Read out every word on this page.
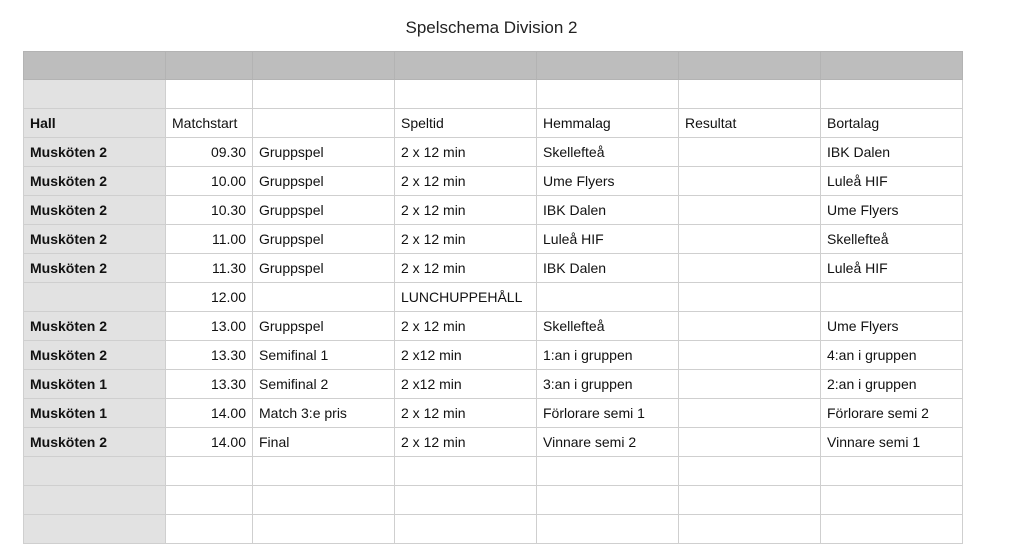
Spelschema Division 2

Hall	Matchstart		Speltid	Hemmalag	Resultat	Bortalag
Musköten 2	09.30	Gruppspel	2 x 12 min	Skellefteå		IBK Dalen
Musköten 2	10.00	Gruppspel	2 x 12 min	Ume Flyers		Luleå HIF
Musköten 2	10.30	Gruppspel	2 x 12 min	IBK Dalen		Ume Flyers
Musköten 2	11.00	Gruppspel	2 x 12 min	Luleå HIF		Skellefteå
Musköten 2	11.30	Gruppspel	2 x 12 min	IBK Dalen		Luleå HIF
	12.00		LUNCHUPPEHÅLL			
Musköten 2	13.00	Gruppspel	2 x 12 min	Skellefteå		Ume Flyers
Musköten 2	13.30	Semifinal 1	2 x12 min	1:an i gruppen		4:an i gruppen
Musköten 1	13.30	Semifinal 2	2 x12 min	3:an i gruppen		2:an i gruppen
Musköten 1	14.00	Match 3:e pris	2 x 12 min	Förlorare semi 1		Förlorare semi 2
Musköten 2	14.00	Final	2 x 12 min	Vinnare semi 2		Vinnare semi 1
